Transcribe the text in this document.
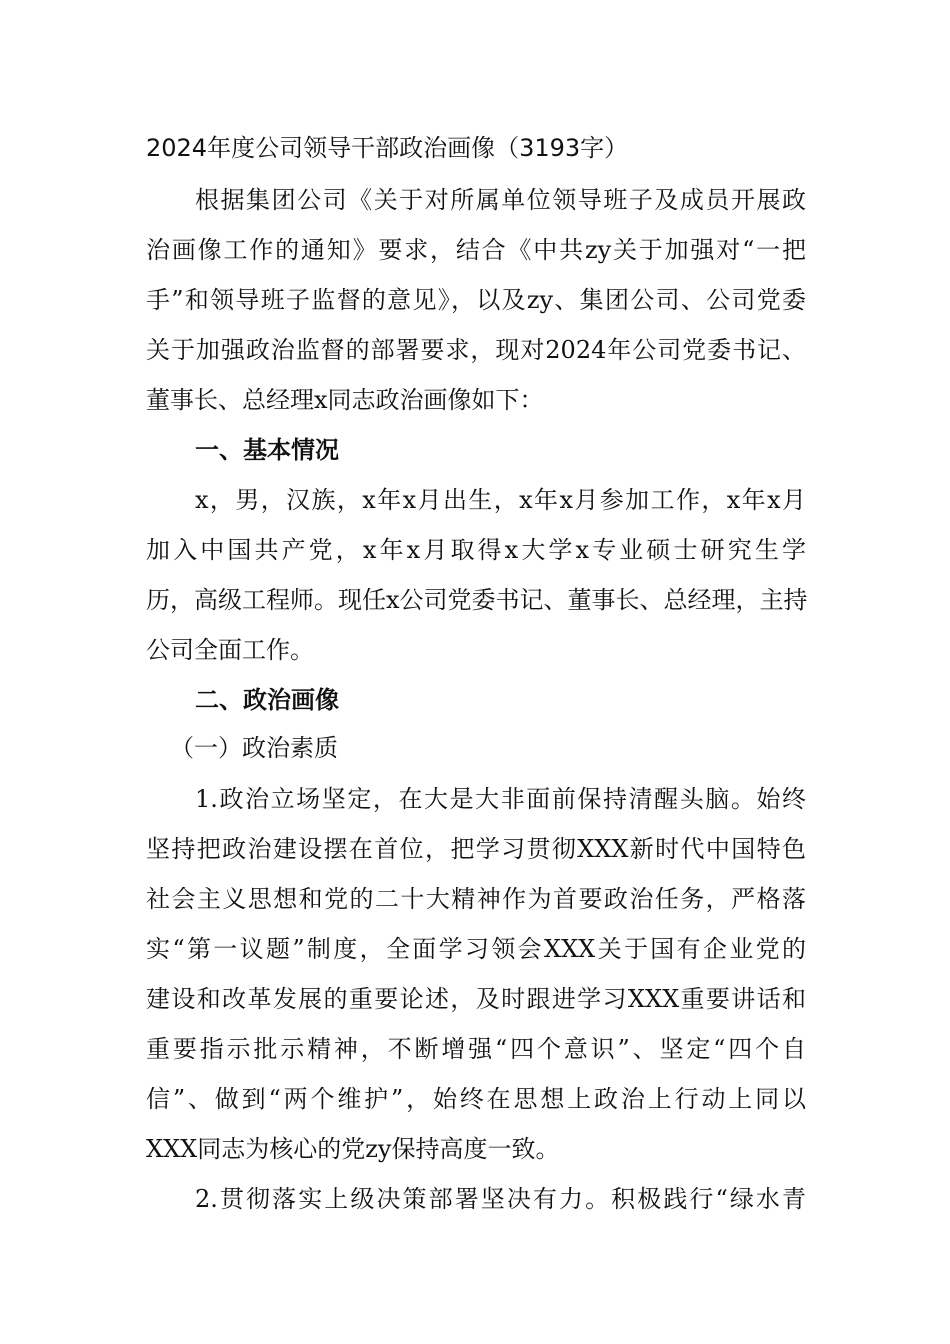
2024年度公司领导干部政治画像（3193字）
根据集团公司《关于对所属单位领导班子及成员开展政
治画像工作的通知》要求，结合《中共zy关于加强对“一把
手”和领导班子监督的意见》，以及zy、集团公司、公司党委
关于加强政治监督的部署要求，现对2024年公司党委书记、
董事长、总经理x同志政治画像如下：
一、基本情况
x，男，汉族，x年x月出生，x年x月参加工作，x年x月
加入中国共产党，x年x月取得x大学x专业硕士研究生学
历，高级工程师。现任x公司党委书记、董事长、总经理，主持
公司全面工作。
二、政治画像
（一）政治素质
1.政治立场坚定，在大是大非面前保持清醒头脑。始终
坚持把政治建设摆在首位，把学习贯彻XXX新时代中国特色
社会主义思想和党的二十大精神作为首要政治任务，严格落
实“第一议题”制度，全面学习领会XXX关于国有企业党的
建设和改革发展的重要论述，及时跟进学习XXX重要讲话和
重要指示批示精神，不断增强“四个意识”、坚定“四个自
信”、做到“两个维护”，始终在思想上政治上行动上同以
XXX同志为核心的党zy保持高度一致。
2.贯彻落实上级决策部署坚决有力。积极践行“绿水青
